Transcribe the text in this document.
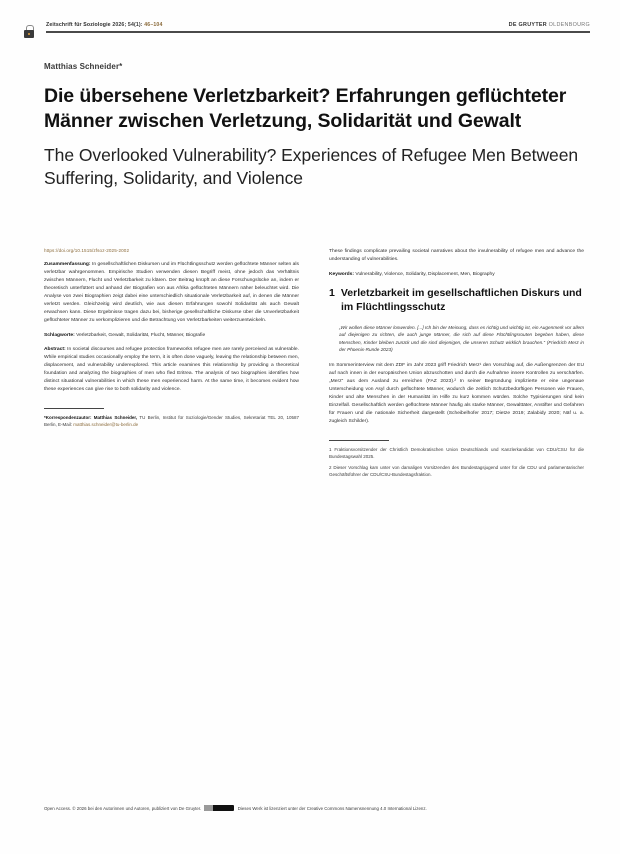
Zeitschrift für Soziologie 2026; 54(1): 46–104	DE GRUYTER OLDENBOURG
Matthias Schneider*
Die übersehene Verletzbarkeit? Erfahrungen geflüchteter Männer zwischen Verletzung, Solidarität und Gewalt
The Overlooked Vulnerability? Experiences of Refugee Men Between Suffering, Solidarity, and Violence
https://doi.org/10.1515/zfsoz-2025-2002

Zusammenfassung: In gesellschaftlichen Diskursen und im Flüchtlingsschutz werden geflüchtete Männer selten als verletzbar wahrgenommen. Empirische Studien verwenden diesen Begriff meist, ohne jedoch das Verhältnis zwischen Männern, Flucht und Verletzbarkeit zu klären. Der Beitrag knüpft an diese Forschungslücke an, indem er theoretisch unterfüttert und anhand der Biografien von aus Afrika geflüchteten Männern näher beleuchtet wird. Die Analyse von zwei Biographien zeigt dabei eine unterschiedlich situationale Verletzbarkeit auf, in denen die Männer verletzt werden. Gleichzeitig wird deutlich, wie aus diesen Erfahrungen sowohl Solidarität als auch Gewalt erwachsen kann. Diese Ergebnisse tragen dazu bei, bisherige gesellschaftliche Diskurse über die Unverletzbarkeit geflüchteter Männer zu verkomplizieren und die Betrachtung von Verletzbarkeiten weiterzuentwickeln.

Schlagworte: Verletzbarkeit, Gewalt, Solidarität, Flucht, Männer, Biografie

Abstract: In societal discourses and refugee protection frameworks refugee men are rarely perceived as vulnerable. While empirical studies occasionally employ the term, it is often done vaguely, leaving the relationship between men, displacement, and vulnerability underexplored. This article examines this relationship by providing a theoretical foundation and analyzing the biographies of men who fled Eritrea. The analysis of two biographies identifies how distinct situational vulnerabilities in which these men experienced harm. At the same time, it becomes evident how these experiences can give rise to both solidarity and violence.

*Korrespondenzautor: Matthias Schneider, TU Berlin, Institut für Soziologie/Gender Studies, Sekretariat TEL 20, 10587 Berlin, E-Mail: matthias.schneider@tu-berlin.de

These findings complicate prevailing societal narratives about the invulnerability of refugee men and advance the understanding of vulnerabilities.

Keywords: Vulnerability, Violence, Solidarity, Displacement, Men, Biography

1 Verletzbarkeit im gesellschaftlichen Diskurs und im Flüchtlingsschutz
„Wir wollen diese Männer loswerden. [...] Ich bin der Meinung, dass es richtig und wichtig ist, ein Augenmerk vor allem auf diejenigen zu richten, die auch junge Männer, die sich auf diese Flüchtlingsrouten begeben haben, diese Menschen, Kinder bleiben zurück und die sind diejenigen, die unseren Schutz wirklich brauchen.“ (Friedrich Merz in der Phoenix-Runde 2023)

Im Sommerinterview mit dem ZDF im Jahr 2023 griff Friedrich Merz¹ den Vorschlag auf, die Außengrenzen der EU auf nach innen in der europäischen Union abzuschotten und durch die Aufnahme innere Kontrollen zu verschärfen. „Merz“ aus dem Ausland zu erreichen (FAZ 2023).² In seiner Begründung implizierte er eine ungenaue Unterscheidung von Asyl durch geflüchtete Männer, wodurch die zeitlich Schutzbedürftigen Personen wie Frauen, Kinder und alte Menschen in der Humanität im Hilfe zu kurz kommen würden. Solche Typisierungen sind kein Einzelfall. Gesellschaftlich werden geflüchtete Männer häufig als starke Männer, Gewalttäter, Anstifter und Gefahren für Frauen und die nationale Sicherheit dargestellt (Scheibelhofer 2017; Dietze 2019; Zalabidy 2020; Näf u. a. zugleich Schilder).

1 Fraktionsvorsitzender der Christlich Demokratischen Union Deutschlands und Kanzlerkandidat von CDU/CSU für die Bundestagswahl 2025.

2 Dieser Vorschlag kam unter von damaligen Vorsitzenden des Bundestagsjugend unter für die CDU und parlamentarischer Geschäftsführer der CDU/CSU-Bundestagsfraktion.

Open Access. © 2026 bei den Autorinnen und Autoren, publiziert von De Gruyter.	Dieses Werk ist lizenziert unter der Creative Commons Namensnennung 4.0 International Lizenz.
